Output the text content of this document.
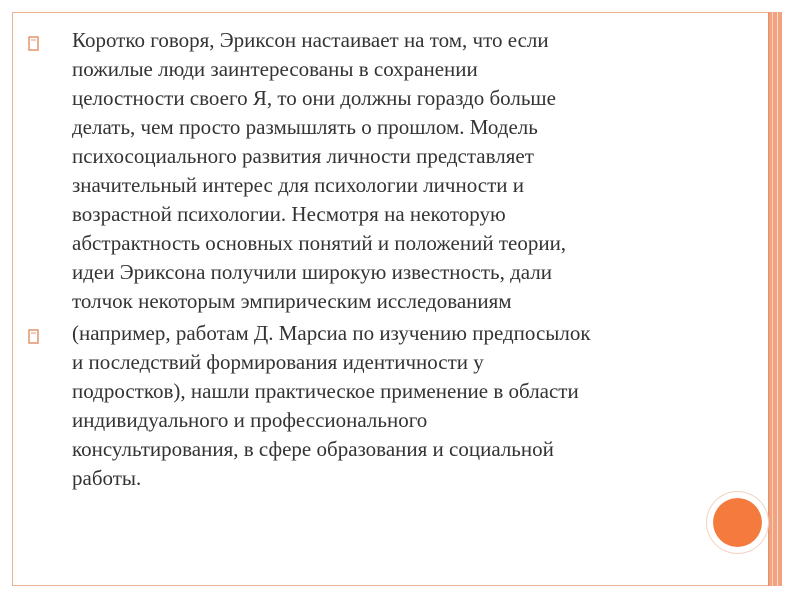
Коротко говоря, Эриксон настаивает на том, что если
пожилые люди заинтересованы в сохранении
целостности своего Я, то они должны гораздо больше
делать, чем просто размышлять о прошлом. Модель
психосоциального развития личности представляет
значительный интерес для психологии личности и
возрастной психологии. Несмотря на некоторую
абстрактность основных понятий и положений теории,
идеи Эриксона получили широкую известность, дали
толчок некоторым эмпирическим исследованиям

(например, работам Д. Марсиа по изучению предпосылок
и последствий формирования идентичности у
подростков), нашли практическое применение в области
индивидуального и профессионального
консультирования, в сфере образования и социальной
работы.
